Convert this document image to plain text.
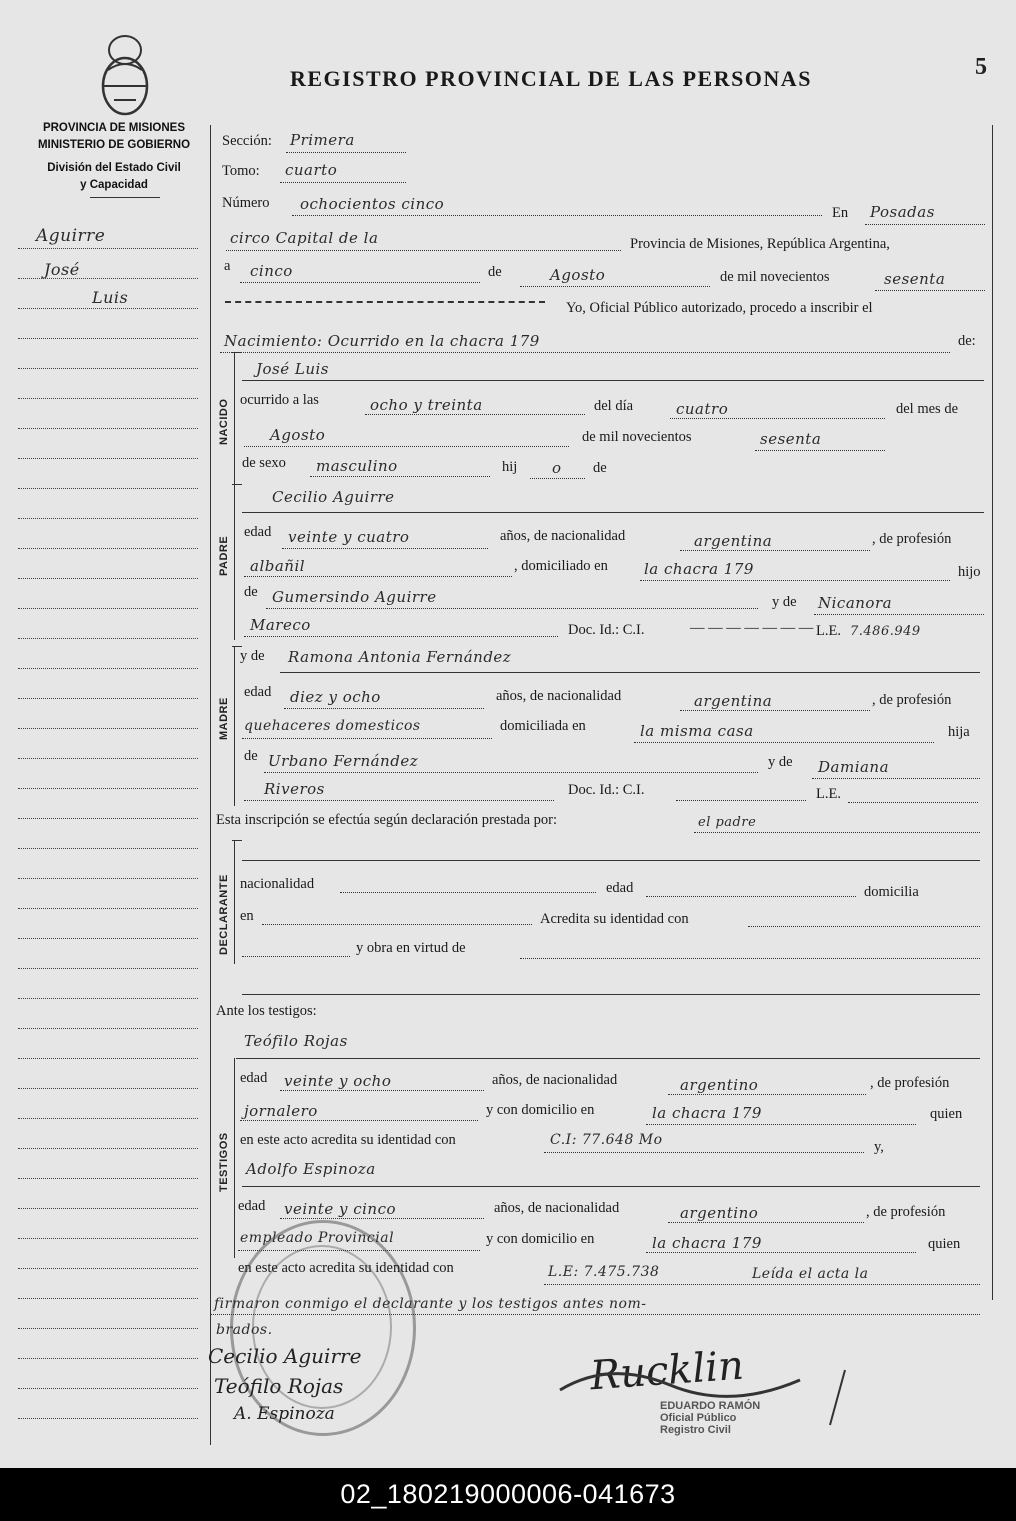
REGISTRO PROVINCIAL DE LAS PERSONAS	5
PROVINCIA DE MISIONES
MINISTERIO DE GOBIERNO
División del Estado Civil
y Capacidad
Aguirre
José
Luis
Sección: Primera
Tomo: cuarto
Número ochocientos cinco	En Posadas
circo Capital de la	Provincia de Misiones, República Argentina,
a cinco	de	Agosto	de mil novecientos	sesenta
Yo, Oficial Público autorizado, procedo a inscribir el
Nacimiento: Ocurrido en la chacra 179	de:
NACIDO
José Luis
ocurrido a las	ocho y treinta	del día	cuatro	del mes de
Agosto	de mil novecientos	sesenta
de sexo masculino	hij o de
PADRE
Cecilio Aguirre
edad veinte y cuatro	años, de nacionalidad	argentina	, de profesión
albañil	, domiciliado en la chacra 179	hijo
de Gumersindo Aguirre	y de Nicanora
Mareco	Doc. Id.: C.I.	— — — — — — — L.E. 7.486.949
MADRE
y de Ramona Antonia Fernández
edad diez y ocho	años, de nacionalidad	argentina	, de profesión
quehaceres domesticos	domiciliada en	la misma casa	hija
de Urbano Fernández	y de Damiana
Riveros	Doc. Id.: C.I.	L.E.
Esta inscripción se efectúa según declaración prestada por:	el padre
DECLARANTE nacionalidad	edad	domicilia
en	Acredita su identidad con
y obra en virtud de
Ante los testigos:
Teófilo Rojas
TESTIGOS
edad veinte y ocho	años, de nacionalidad	argentino	, de profesión
jornalero	y con domicilio en	la chacra 179	quien
en este acto acredita su identidad con	C.I: 77.648 Mo	y,
Adolfo Espinoza
edad veinte y cinco	años, de nacionalidad	argentino	, de profesión
empleado Provincial	y con domicilio en	la chacra 179	quien
en este acto acredita su identidad con	L.E: 7.475.738	Leída el acta la
firmaron conmigo el declarante y los testigos antes nom-
brados.
Cecilio Aguirre
Teófilo Rojas
A. Espinoza
Rucklin
EDUARDO RAMÓN
Oficial Público
Registro Civil
02_180219000006-041673
